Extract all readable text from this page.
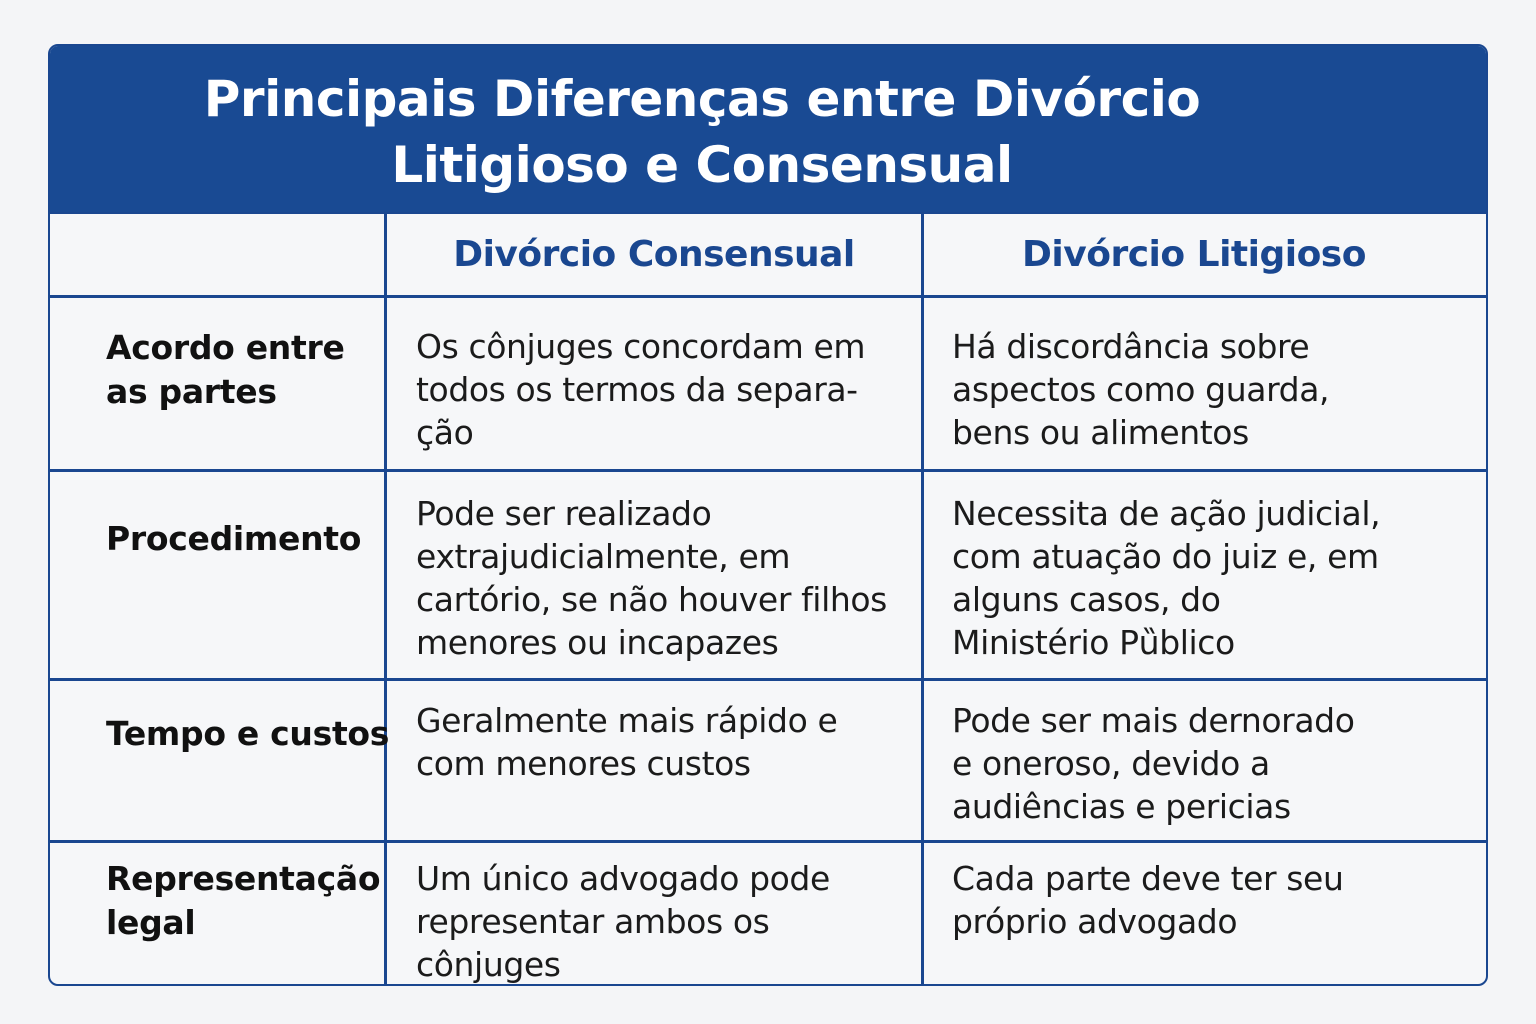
Principais Diferenças entre Divórcio
Litigioso e Consensual
Divórcio Consensual	Divórcio Litigioso

Acordo entre
as partes

Os cônjuges concordam em
todos os termos da separa-
ção

Há discordância sobre
aspectos como guarda,
bens ou alimentos

Procedimento

Pode ser realizado
extrajudicialmente, em
cartório, se não houver filhos
menores ou incapazes

Necessita de ação judicial,
com atuação do juiz e, em
alguns casos, do
Ministério Pȕblico

Tempo e custos Geralmente mais rápido e
com menores custos

Pode ser mais dernorado
e oneroso, devido a
audiências e pericias

Representação
legal

Um único advogado pode
representar ambos os
cônjuges

Cada parte deve ter seu
próprio advogado
